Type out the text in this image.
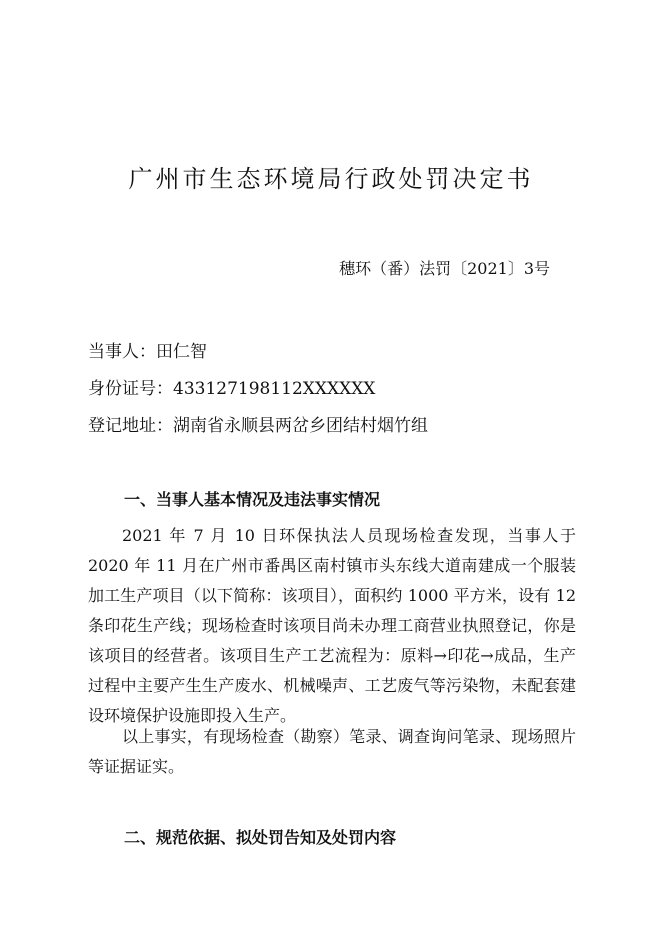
广州市生态环境局行政处罚决定书
穗环（番）法罚〔2021〕3号
当事人：田仁智
身份证号：433127198112XXXXXX
登记地址：湖南省永顺县两岔乡团结村烟竹组
一、当事人基本情况及违法事实情况

2021 年 7 月 10 日环保执法人员现场检查发现，当事人于 2020 年 11 月在广州市番禺区南村镇市头东线大道南建成一个服装加工生产项目（以下简称：该项目），面积约 1000 平方米，设有 12 条印花生产线；现场检查时该项目尚未办理工商营业执照登记，你是该项目的经营者。该项目生产工艺流程为：原料→印花→成品，生产过程中主要产生生产废水、机械噪声、工艺废气等污染物，未配套建设环境保护设施即投入生产。

以上事实，有现场检查（勘察）笔录、调查询问笔录、现场照片等证据证实。

二、规范依据、拟处罚告知及处罚内容
